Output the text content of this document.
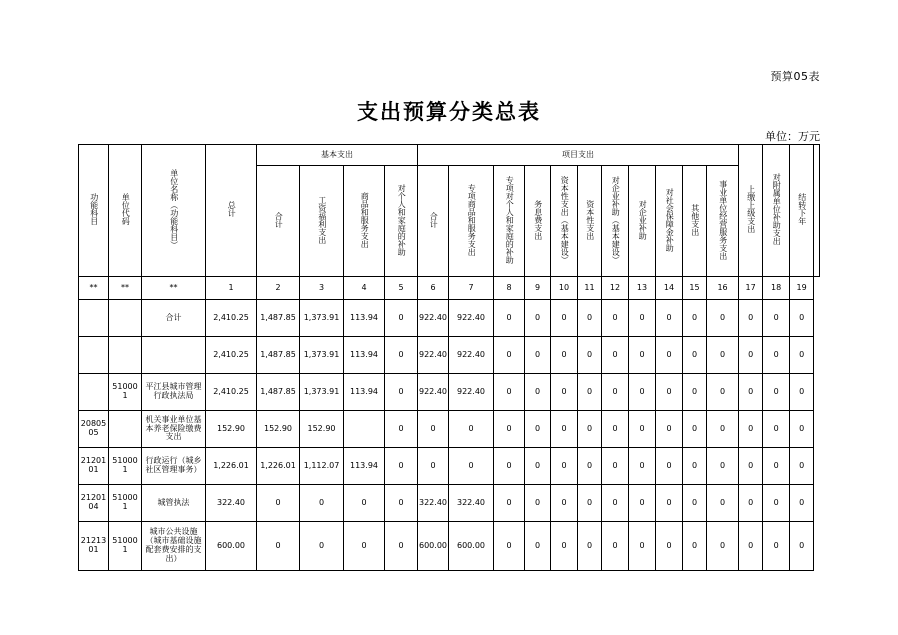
预算05表
支出预算分类总表
单位：万元
功能科目	单位代码	单位名称（功能科目）	总计	基本支出				项目支出											上缴上级支出	对附属单位补助支出	结转下年	
				合计	工资福利支出	商品和服务支出	对个人和家庭的补助	合计	专项商品和服务支出	专项对个人和家庭的补助	务息费支出	资本性支出（基本建设）	资本性支出	对企业补助（基本建设）	对企业补助	对社会保障金补助	其他支出	事业单位经营服务支出				
**	**	**	1	2	3	4	5	6	7	8	9	10	11	12	13	14	15	16	17	18	19	
		合计	2,410.25	1,487.85	1,373.91	113.94	0	922.40	922.40	0	0	0	0	0	0	0	0	0	0	0	0	
			2,410.25	1,487.85	1,373.91	113.94	0	922.40	922.40	0	0	0	0	0	0	0	0	0	0	0	0	
	510001	平江县城市管理行政执法局	2,410.25	1,487.85	1,373.91	113.94	0	922.40	922.40	0	0	0	0	0	0	0	0	0	0	0	0	
2080505		机关事业单位基本养老保险缴费支出	152.90	152.90	152.90		0	0	0	0	0	0	0	0	0	0	0	0	0	0	0	
2120101	510001	行政运行（城乡社区管理事务）	1,226.01	1,226.01	1,112.07	113.94	0	0	0	0	0	0	0	0	0	0	0	0	0	0	0	
2120104	510001	城管执法	322.40	0	0	0	0	322.40	322.40	0	0	0	0	0	0	0	0	0	0	0	0	
2121301	510001	城市公共设施（城市基础设施配套费安排的支出）	600.00	0	0	0	0	600.00	600.00	0	0	0	0	0	0	0	0	0	0	0	0	
